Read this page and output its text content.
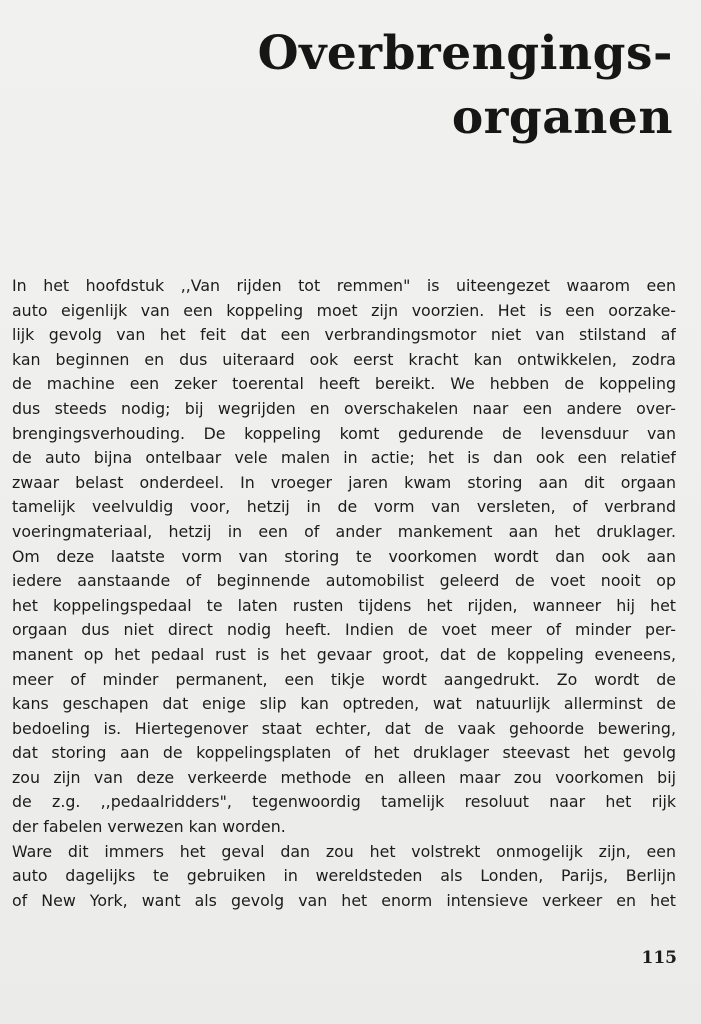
Overbrengings-
organen
In het hoofdstuk ,,Van rijden tot remmen" is uiteengezet waarom een
auto eigenlijk van een koppeling moet zijn voorzien. Het is een oorzake-
lijk gevolg van het feit dat een verbrandingsmotor niet van stilstand af
kan beginnen en dus uiteraard ook eerst kracht kan ontwikkelen, zodra
de machine een zeker toerental heeft bereikt. We hebben de koppeling
dus steeds nodig; bij wegrijden en overschakelen naar een andere over-
brengingsverhouding. De koppeling komt gedurende de levensduur van
de auto bijna ontelbaar vele malen in actie; het is dan ook een relatief
zwaar belast onderdeel. In vroeger jaren kwam storing aan dit orgaan
tamelijk veelvuldig voor, hetzij in de vorm van versleten, of verbrand
voeringmateriaal, hetzij in een of ander mankement aan het druklager.
Om deze laatste vorm van storing te voorkomen wordt dan ook aan
iedere aanstaande of beginnende automobilist geleerd de voet nooit op
het koppelingspedaal te laten rusten tijdens het rijden, wanneer hij het
orgaan dus niet direct nodig heeft. Indien de voet meer of minder per-
manent op het pedaal rust is het gevaar groot, dat de koppeling eveneens,
meer of minder permanent, een tikje wordt aangedrukt. Zo wordt de
kans geschapen dat enige slip kan optreden, wat natuurlijk allerminst de
bedoeling is. Hiertegenover staat echter, dat de vaak gehoorde bewering,
dat storing aan de koppelingsplaten of het druklager steevast het gevolg
zou zijn van deze verkeerde methode en alleen maar zou voorkomen bij
de z.g. ,,pedaalridders", tegenwoordig tamelijk resoluut naar het rijk
der fabelen verwezen kan worden.
Ware dit immers het geval dan zou het volstrekt onmogelijk zijn, een
auto dagelijks te gebruiken in wereldsteden als Londen, Parijs, Berlijn
of New York, want als gevolg van het enorm intensieve verkeer en het
115
